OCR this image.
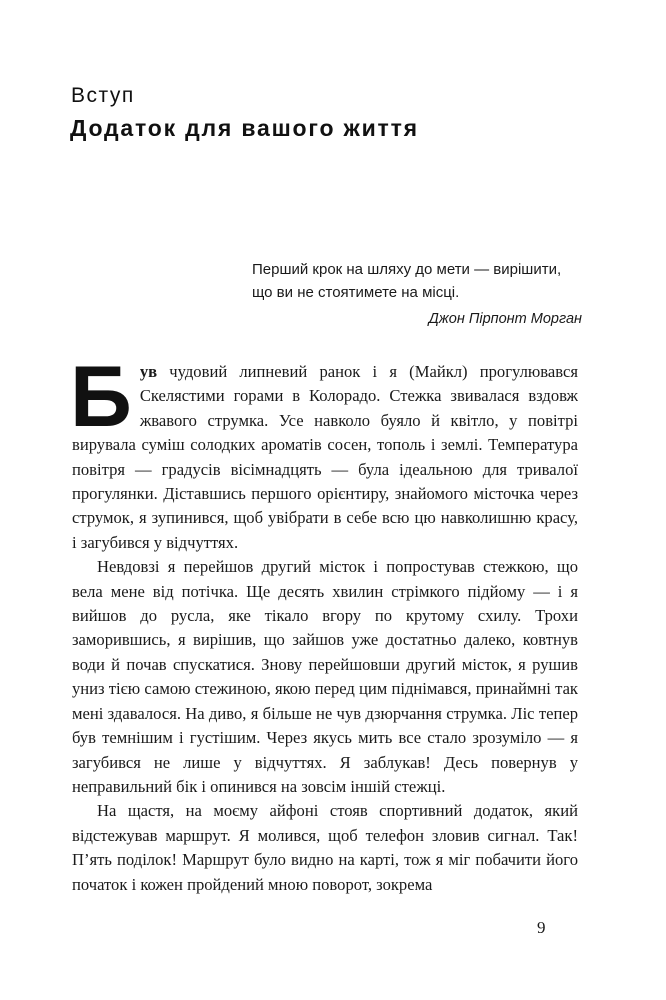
Вступ
Додаток для вашого життя
Перший крок на шляху до мети — вирішити,
що ви не стоятимете на місці.
Джон Пірпонт Морган

Був чудовий липневий ранок і я (Майкл) прогулювався Скелястими горами в Колорадо. Стежка звивалася вздовж жвавого струмка. Усе навколо буяло й квітло, у повітрі вирувала суміш солодких ароматів сосен, тополь і землі. Температура повітря — градусів вісімнадцять — була ідеальною для тривалої прогулянки. Діставшись першого орієнтиру, знайомого місточка через струмок, я зупинився, щоб увібрати в себе всю цю навколишню красу, і загубився у відчуттях.

Невдовзі я перейшов другий місток і попростував стежкою, що вела мене від потічка. Ще десять хвилин стрімкого підйому — і я вийшов до русла, яке тікало вгору по крутому схилу. Трохи заморившись, я вирішив, що зайшов уже достатньо далеко, ковтнув води й почав спускатися. Знову перейшовши другий місток, я рушив униз тією самою стежиною, якою перед цим піднімався, принаймні так мені здавалося. На диво, я більше не чув дзюрчання струмка. Ліс тепер був темнішим і густішим. Через якусь мить все стало зрозуміло — я загубився не лише у відчуттях. Я заблукав! Десь повернув у неправильний бік і опинився на зовсім іншій стежці.

На щастя, на моєму айфоні стояв спортивний додаток, який відстежував маршрут. Я молився, щоб телефон зловив сигнал. Так! П’ять поділок! Маршрут було видно на карті, тож я міг побачити його початок і кожен пройдений мною поворот, зокрема

9
